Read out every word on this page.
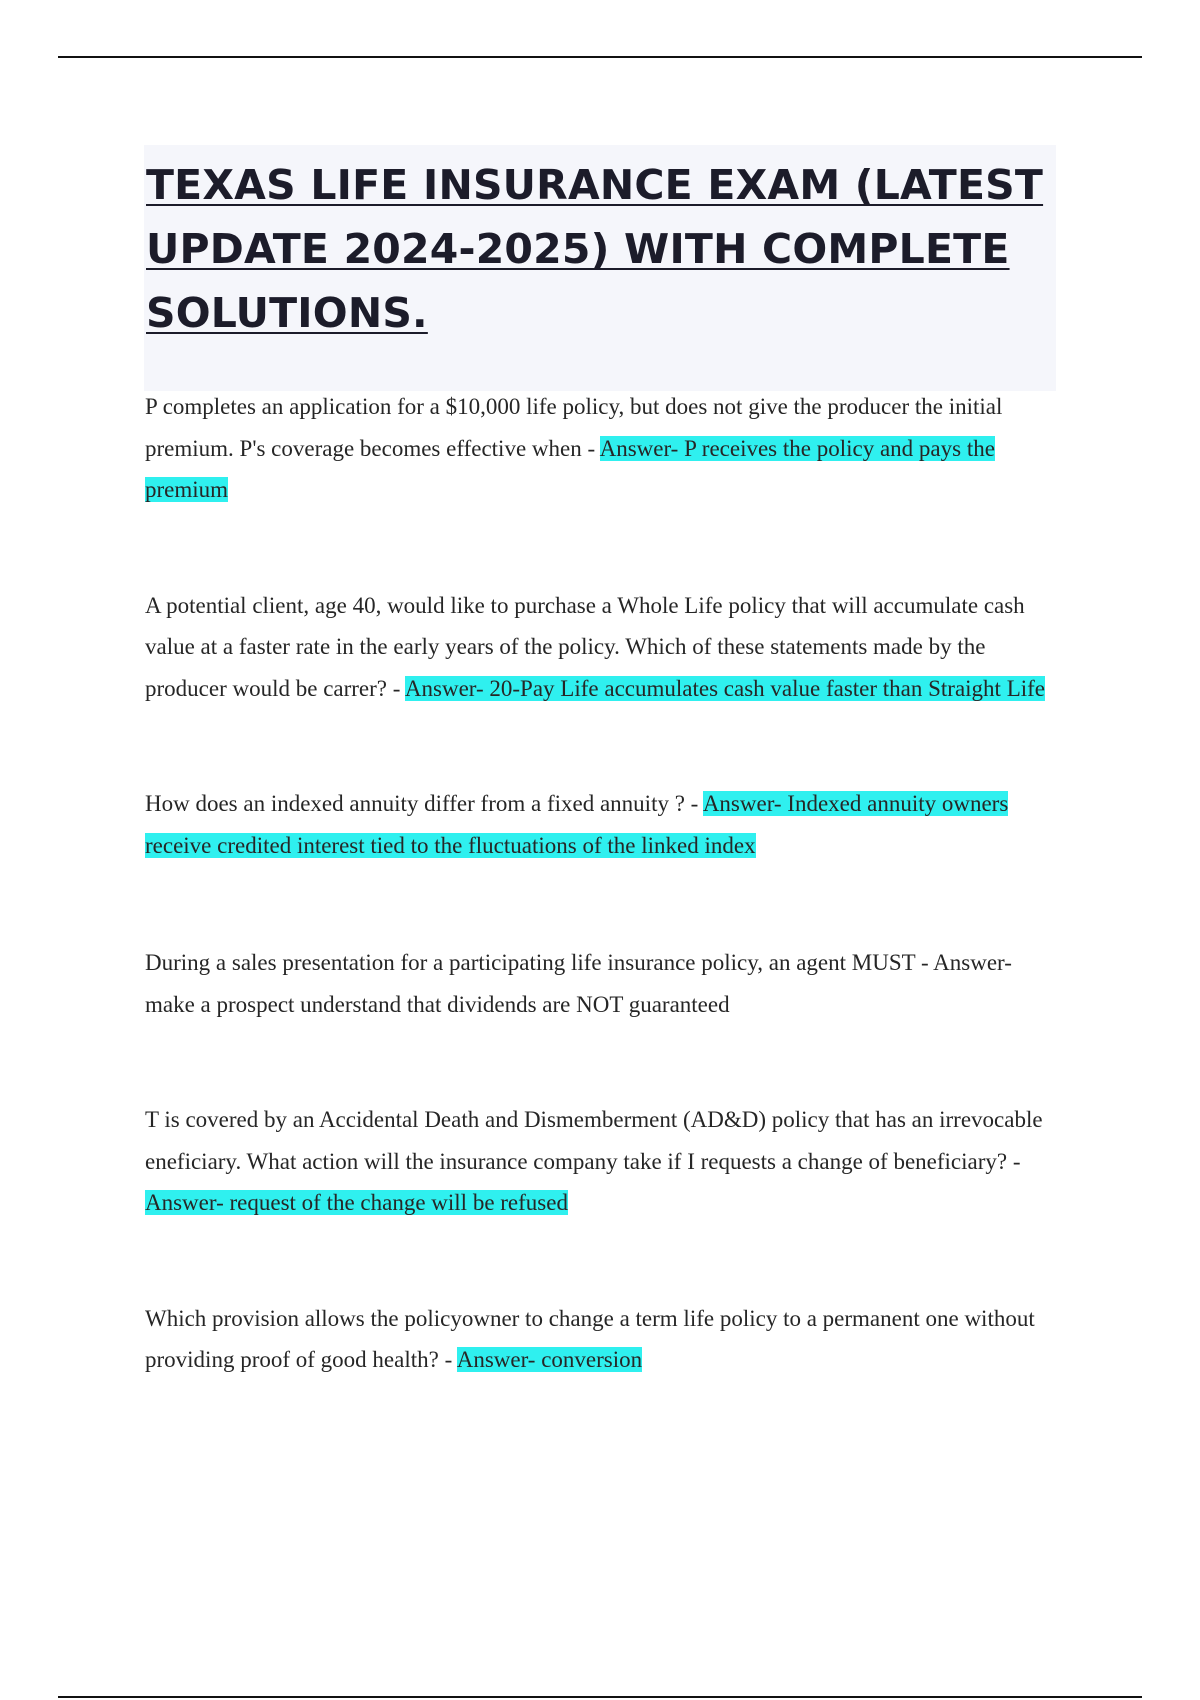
TEXAS LIFE INSURANCE EXAM (LATEST UPDATE 2024-2025) WITH COMPLETE SOLUTIONS.

P completes an application for a $10,000 life policy, but does not give the producer the initial premium. P's coverage becomes effective when - Answer- P receives the policy and pays the premium

A potential client, age 40, would like to purchase a Whole Life policy that will accumulate cash value at a faster rate in the early years of the policy. Which of these statements made by the producer would be carrer? - Answer- 20-Pay Life accumulates cash value faster than Straight Life

How does an indexed annuity differ from a fixed annuity ? - Answer- Indexed annuity owners receive credited interest tied to the fluctuations of the linked index

During a sales presentation for a participating life insurance policy, an agent MUST - Answer- make a prospect understand that dividends are NOT guaranteed

T is covered by an Accidental Death and Dismemberment (AD&D) policy that has an irrevocable eneficiary. What action will the insurance company take if I requests a change of beneficiary? - Answer- request of the change will be refused

Which provision allows the policyowner to change a term life policy to a permanent one without providing proof of good health? - Answer- conversion
